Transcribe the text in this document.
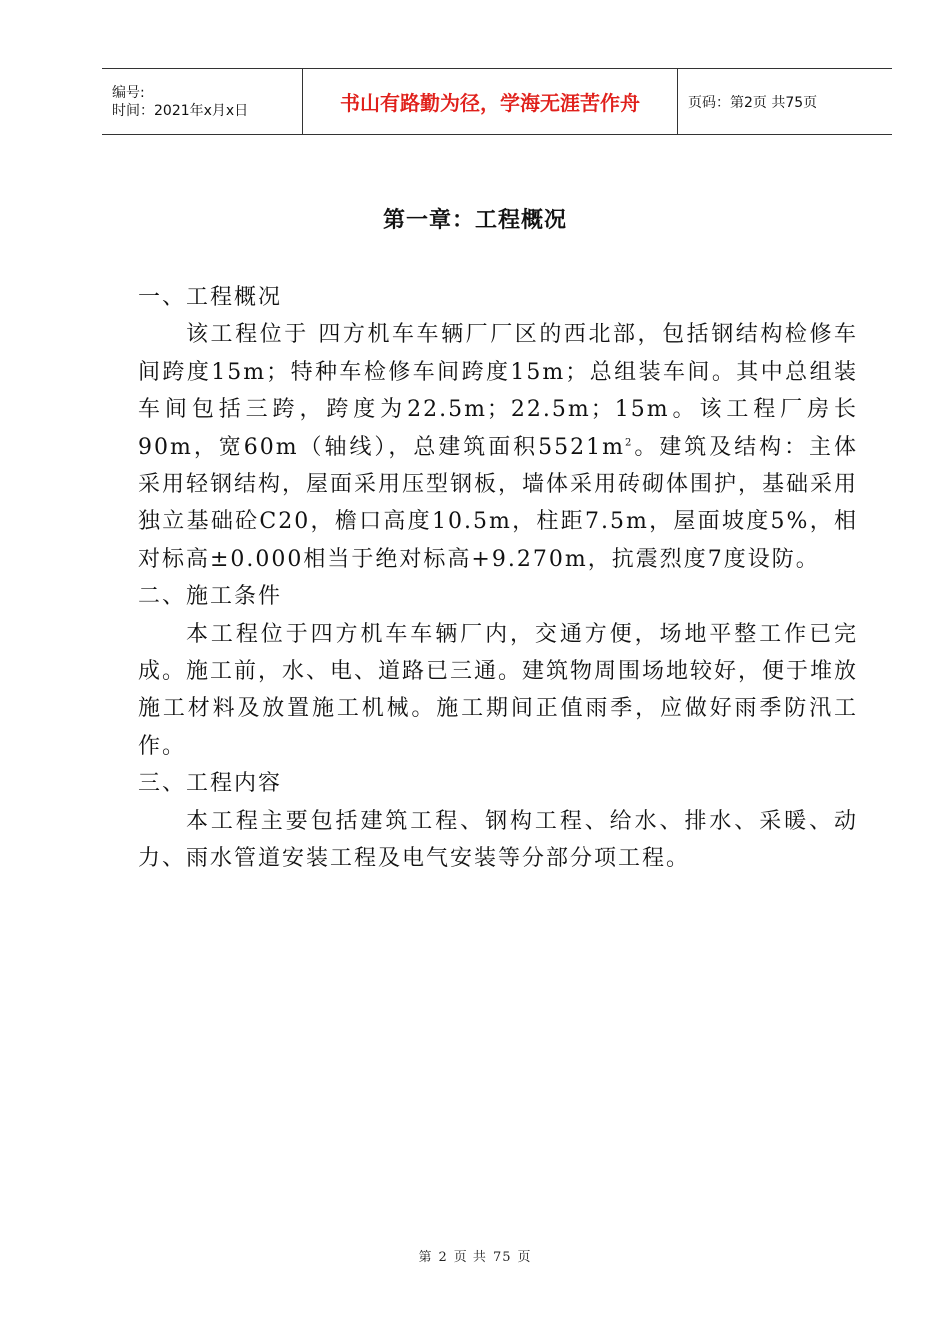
编号:
时间：2021年x月x日	书山有路勤为径，学海无涯苦作舟	页码：第2页 共75页
第一章：工程概况

一、工程概况

该工程位于 四方机车车辆厂厂区的西北部，包括钢结构检修车间跨度15m；特种车检修车间跨度15m；总组装车间。其中总组装车间包括三跨，跨度为22.5m；22.5m；15m。该工程厂房长90m，宽60m（轴线），总建筑面积$5521m^2$。建筑及结构：主体采用轻钢结构，屋面采用压型钢板，墙体采用砖砌体围护，基础采用独立基础砼C20，檐口高度10.5m，柱距7.5m，屋面坡度5%，相对标高±0.000相当于绝对标高+9.270m，抗震烈度7度设防。

二、施工条件

本工程位于四方机车车辆厂内，交通方便，场地平整工作已完成。施工前，水、电、道路已三通。建筑物周围场地较好，便于堆放施工材料及放置施工机械。施工期间正值雨季，应做好雨季防汛工作。

三、工程内容

本工程主要包括建筑工程、钢构工程、给水、排水、采暖、动力、雨水管道安装工程及电气安装等分部分项工程。

第 2 页 共 75 页
